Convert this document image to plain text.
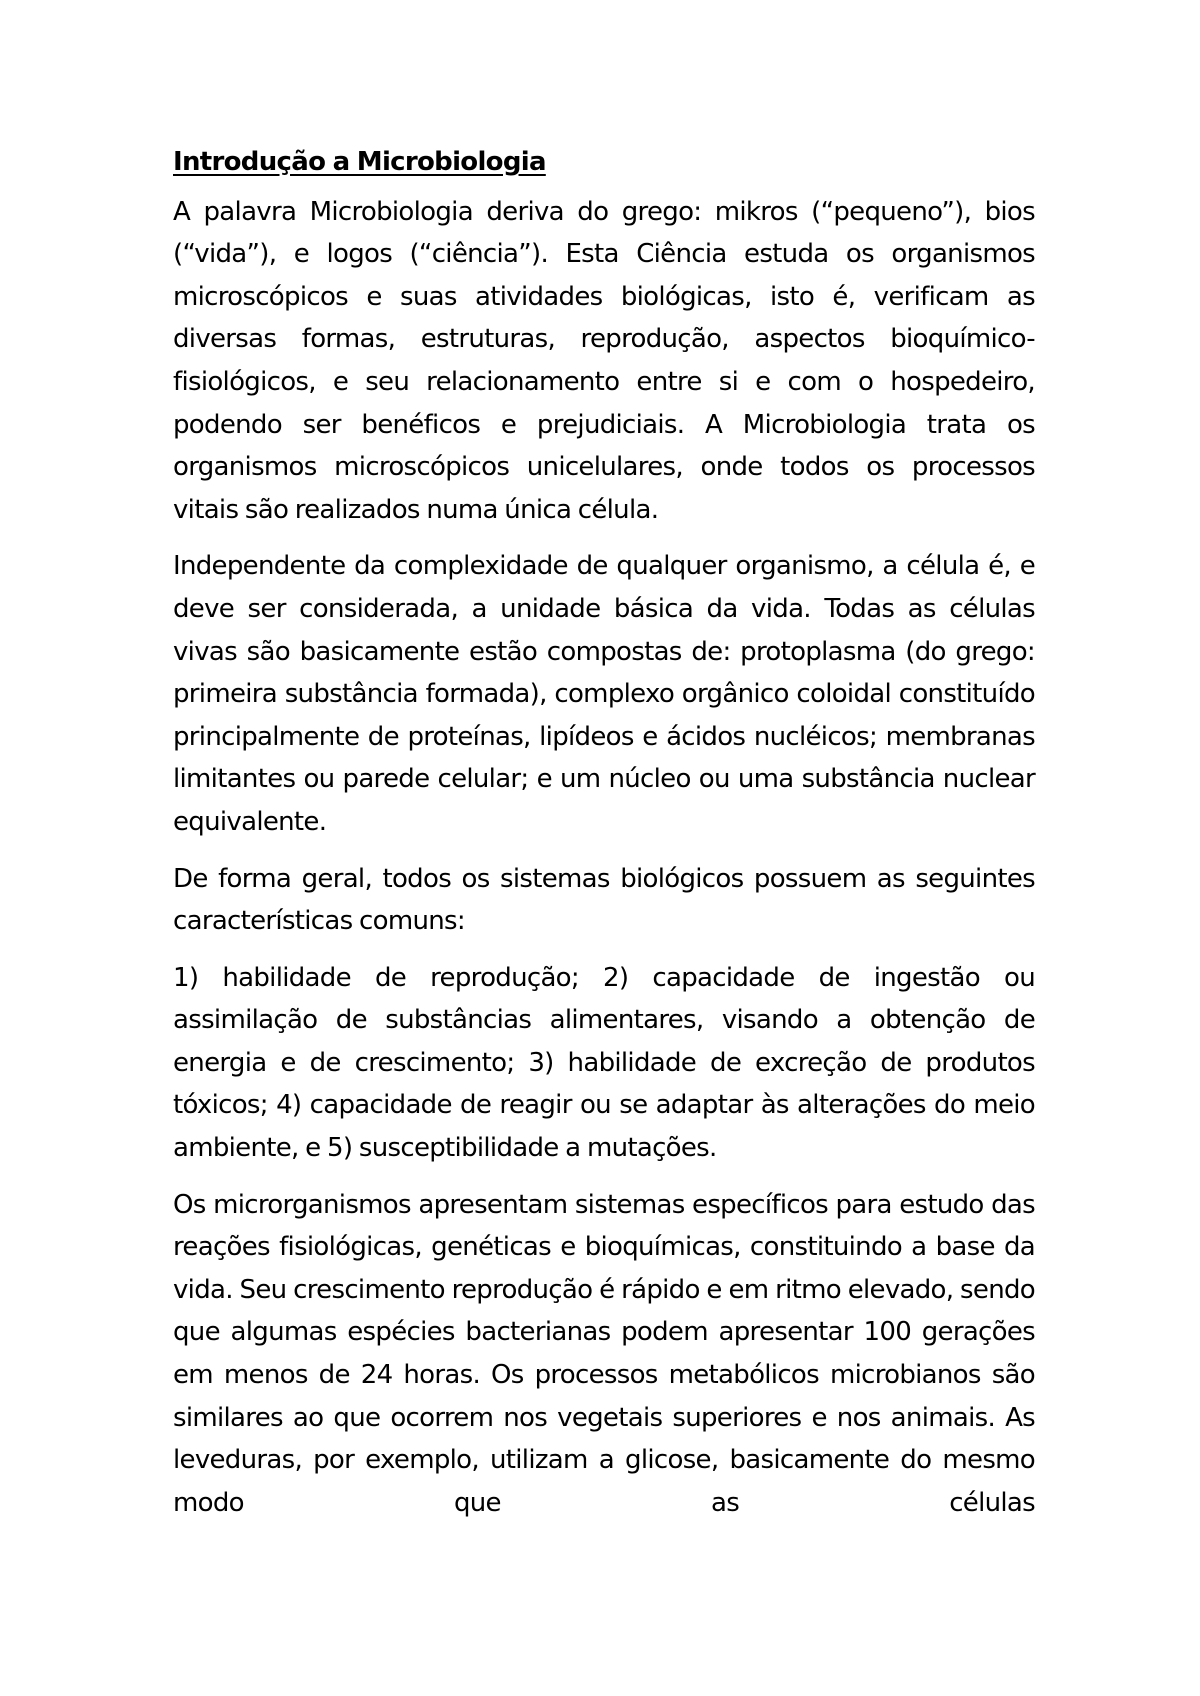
Introdução a Microbiologia

A palavra Microbiologia deriva do grego: mikros (“pequeno”), bios (“vida”), e logos (“ciência”). Esta Ciência estuda os organismos microscópicos e suas atividades biológicas, isto é, verificam as diversas formas, estruturas, reprodução, aspectos bioquímico-fisiológicos, e seu relacionamento entre si e com o hospedeiro, podendo ser benéficos e prejudiciais. A Microbiologia trata os organismos microscópicos unicelulares, onde todos os processos vitais são realizados numa única célula.

Independente da complexidade de qualquer organismo, a célula é, e deve ser considerada, a unidade básica da vida. Todas as células vivas são basicamente estão compostas de: protoplasma (do grego: primeira substância formada), complexo orgânico coloidal constituído principalmente de proteínas, lipídeos e ácidos nucléicos; membranas limitantes ou parede celular; e um núcleo ou uma substância nuclear equivalente.

De forma geral, todos os sistemas biológicos possuem as seguintes características comuns:

1) habilidade de reprodução; 2) capacidade de ingestão ou assimilação de substâncias alimentares, visando a obtenção de energia e de crescimento; 3) habilidade de excreção de produtos tóxicos; 4) capacidade de reagir ou se adaptar às alterações do meio ambiente, e 5) susceptibilidade a mutações.

Os microrganismos apresentam sistemas específicos para estudo das reações fisiológicas, genéticas e bioquímicas, constituindo a base da vida. Seu crescimento reprodução é rápido e em ritmo elevado, sendo que algumas espécies bacterianas podem apresentar 100 gerações em menos de 24 horas. Os processos metabólicos microbianos são similares ao que ocorrem nos vegetais superiores e nos animais. As leveduras, por exemplo, utilizam a glicose, basicamente do mesmo modo que as células
